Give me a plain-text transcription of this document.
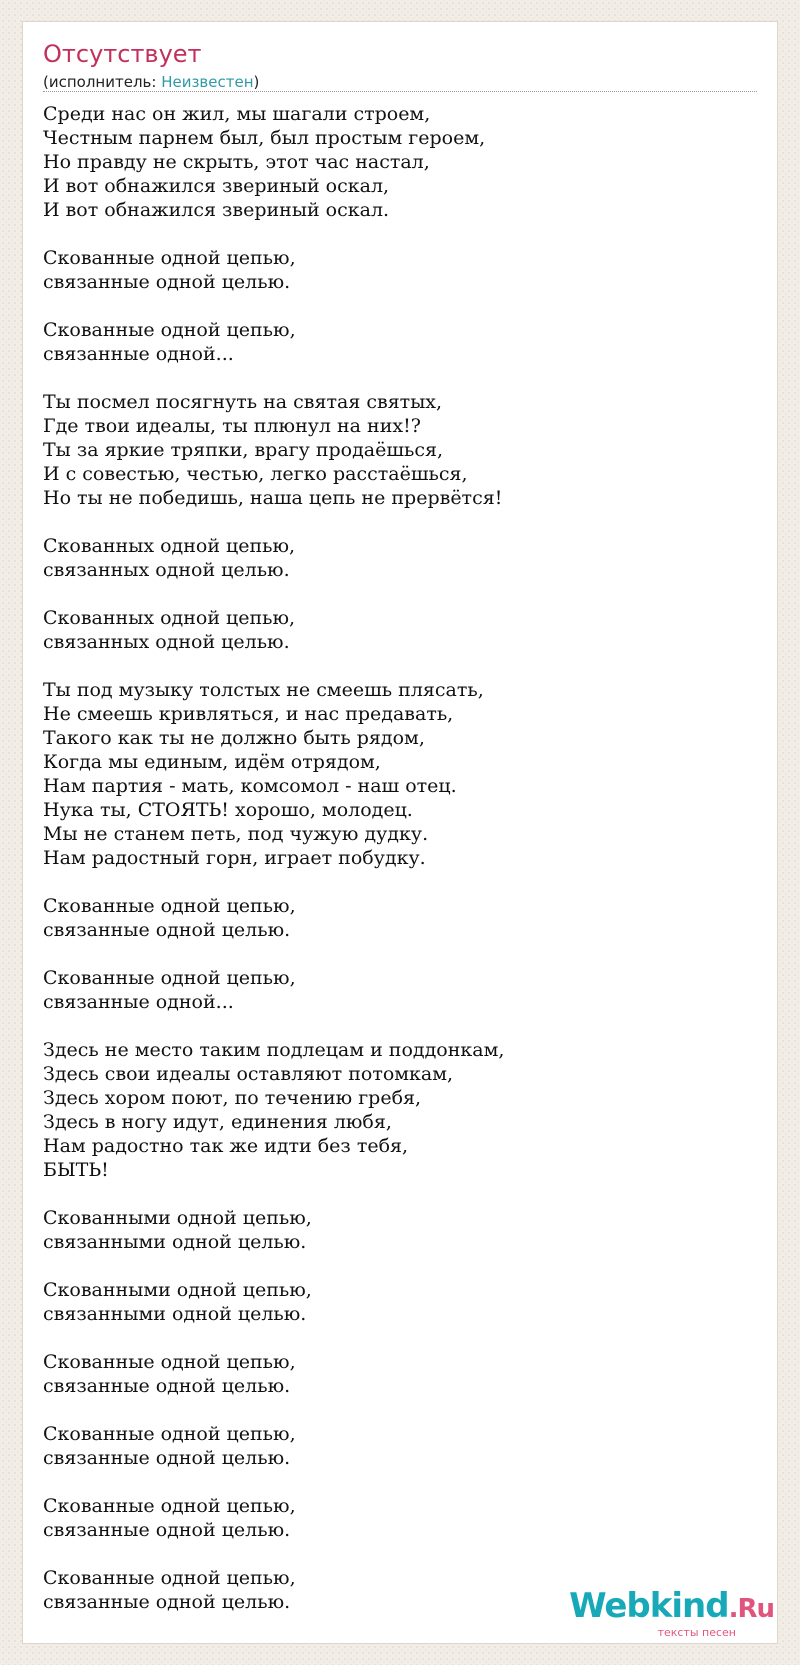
Отсутствует
(исполнитель: Неизвестен)
Среди нас он жил, мы шагали строем,
Честным парнем был, был простым героем,
Но правду не скрыть, этот час настал,
И вот обнажился звериный оскал,
И вот обнажился звериный оскал.
Скованные одной цепью,
связанные одной целью.
Скованные одной цепью,
связанные одной...
Ты посмел посягнуть на святая святых,
Где твои идеалы, ты плюнул на них!?
Ты за яркие тряпки, врагу продаёшься,
И с совестью, честью, легко расстаёшься,
Но ты не победишь, наша цепь не прервётся!
Скованных одной цепью,
связанных одной целью.
Скованных одной цепью,
связанных одной целью.
Ты под музыку толстых не смеешь плясать,
Не смеешь кривляться, и нас предавать,
Такого как ты не должно быть рядом,
Когда мы единым, идём отрядом,
Нам партия - мать, комсомол - наш отец.
Нука ты, СТОЯТЬ! хорошо, молодец.
Мы не станем петь, под чужую дудку.
Нам радостный горн, играет побудку.
Скованные одной цепью,
связанные одной целью.
Скованные одной цепью,
связанные одной...
Здесь не место таким подлецам и поддонкам,
Здесь свои идеалы оставляют потомкам,
Здесь хором поют, по течению гребя,
Здесь в ногу идут, единения любя,
Нам радостно так же идти без тебя,
БЫТЬ!
Скованными одной цепью,
связанными одной целью.
Скованными одной цепью,
связанными одной целью.
Скованные одной цепью,
связанные одной целью.
Скованные одной цепью,
связанные одной целью.
Скованные одной цепью,
связанные одной целью.
Скованные одной цепью,
связанные одной целью.	Webkind.Ru
тексты песен
